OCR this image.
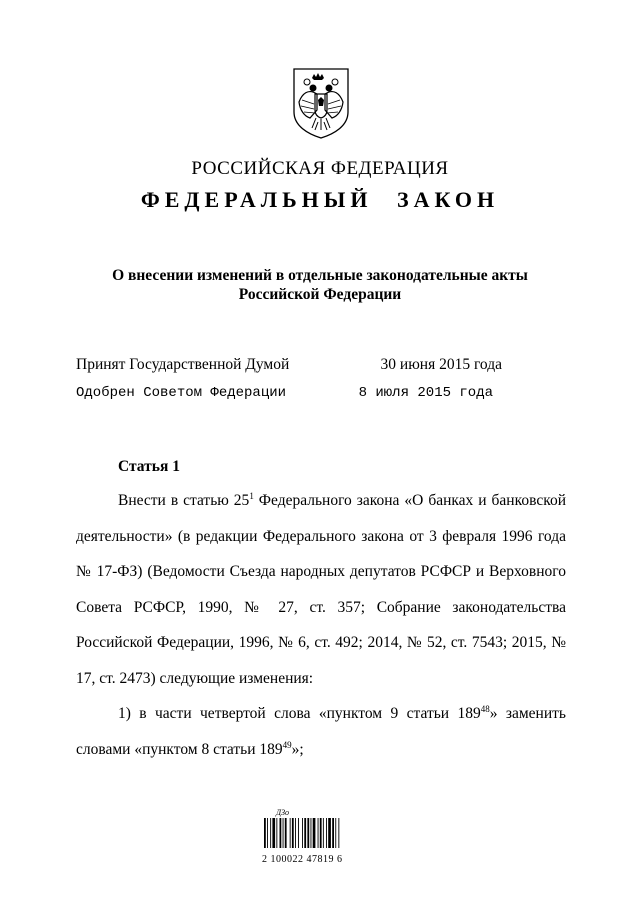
РОССИЙСКАЯ ФЕДЕРАЦИЯ
ФЕДЕРАЛЬНЫЙ ЗАКОН
О внесении изменений в отдельные законодательные акты
Российской Федерации
Принят Государственной Думой	30 июня 2015 года
Одобрен Советом Федерации	8 июля 2015 года
Статья 1

Внести в статью $25^1$ Федерального закона «О банках и банковской деятельности» (в редакции Федерального закона от 3 февраля 1996 года № 17-ФЗ) (Ведомости Съезда народных депутатов РСФСР и Верховного Совета РСФСР, 1990, № 27, ст. 357; Собрание законодательства Российской Федерации, 1996, № 6, ст. 492; 2014, № 52, ст. 7543; 2015, № 17, ст. 2473) следующие изменения:

1) в части четвертой слова «пунктом 9 статьи $189^{48}$» заменить словами «пунктом 8 статьи $189^{49}$»;

ДЗо
2 100022 47819 6
